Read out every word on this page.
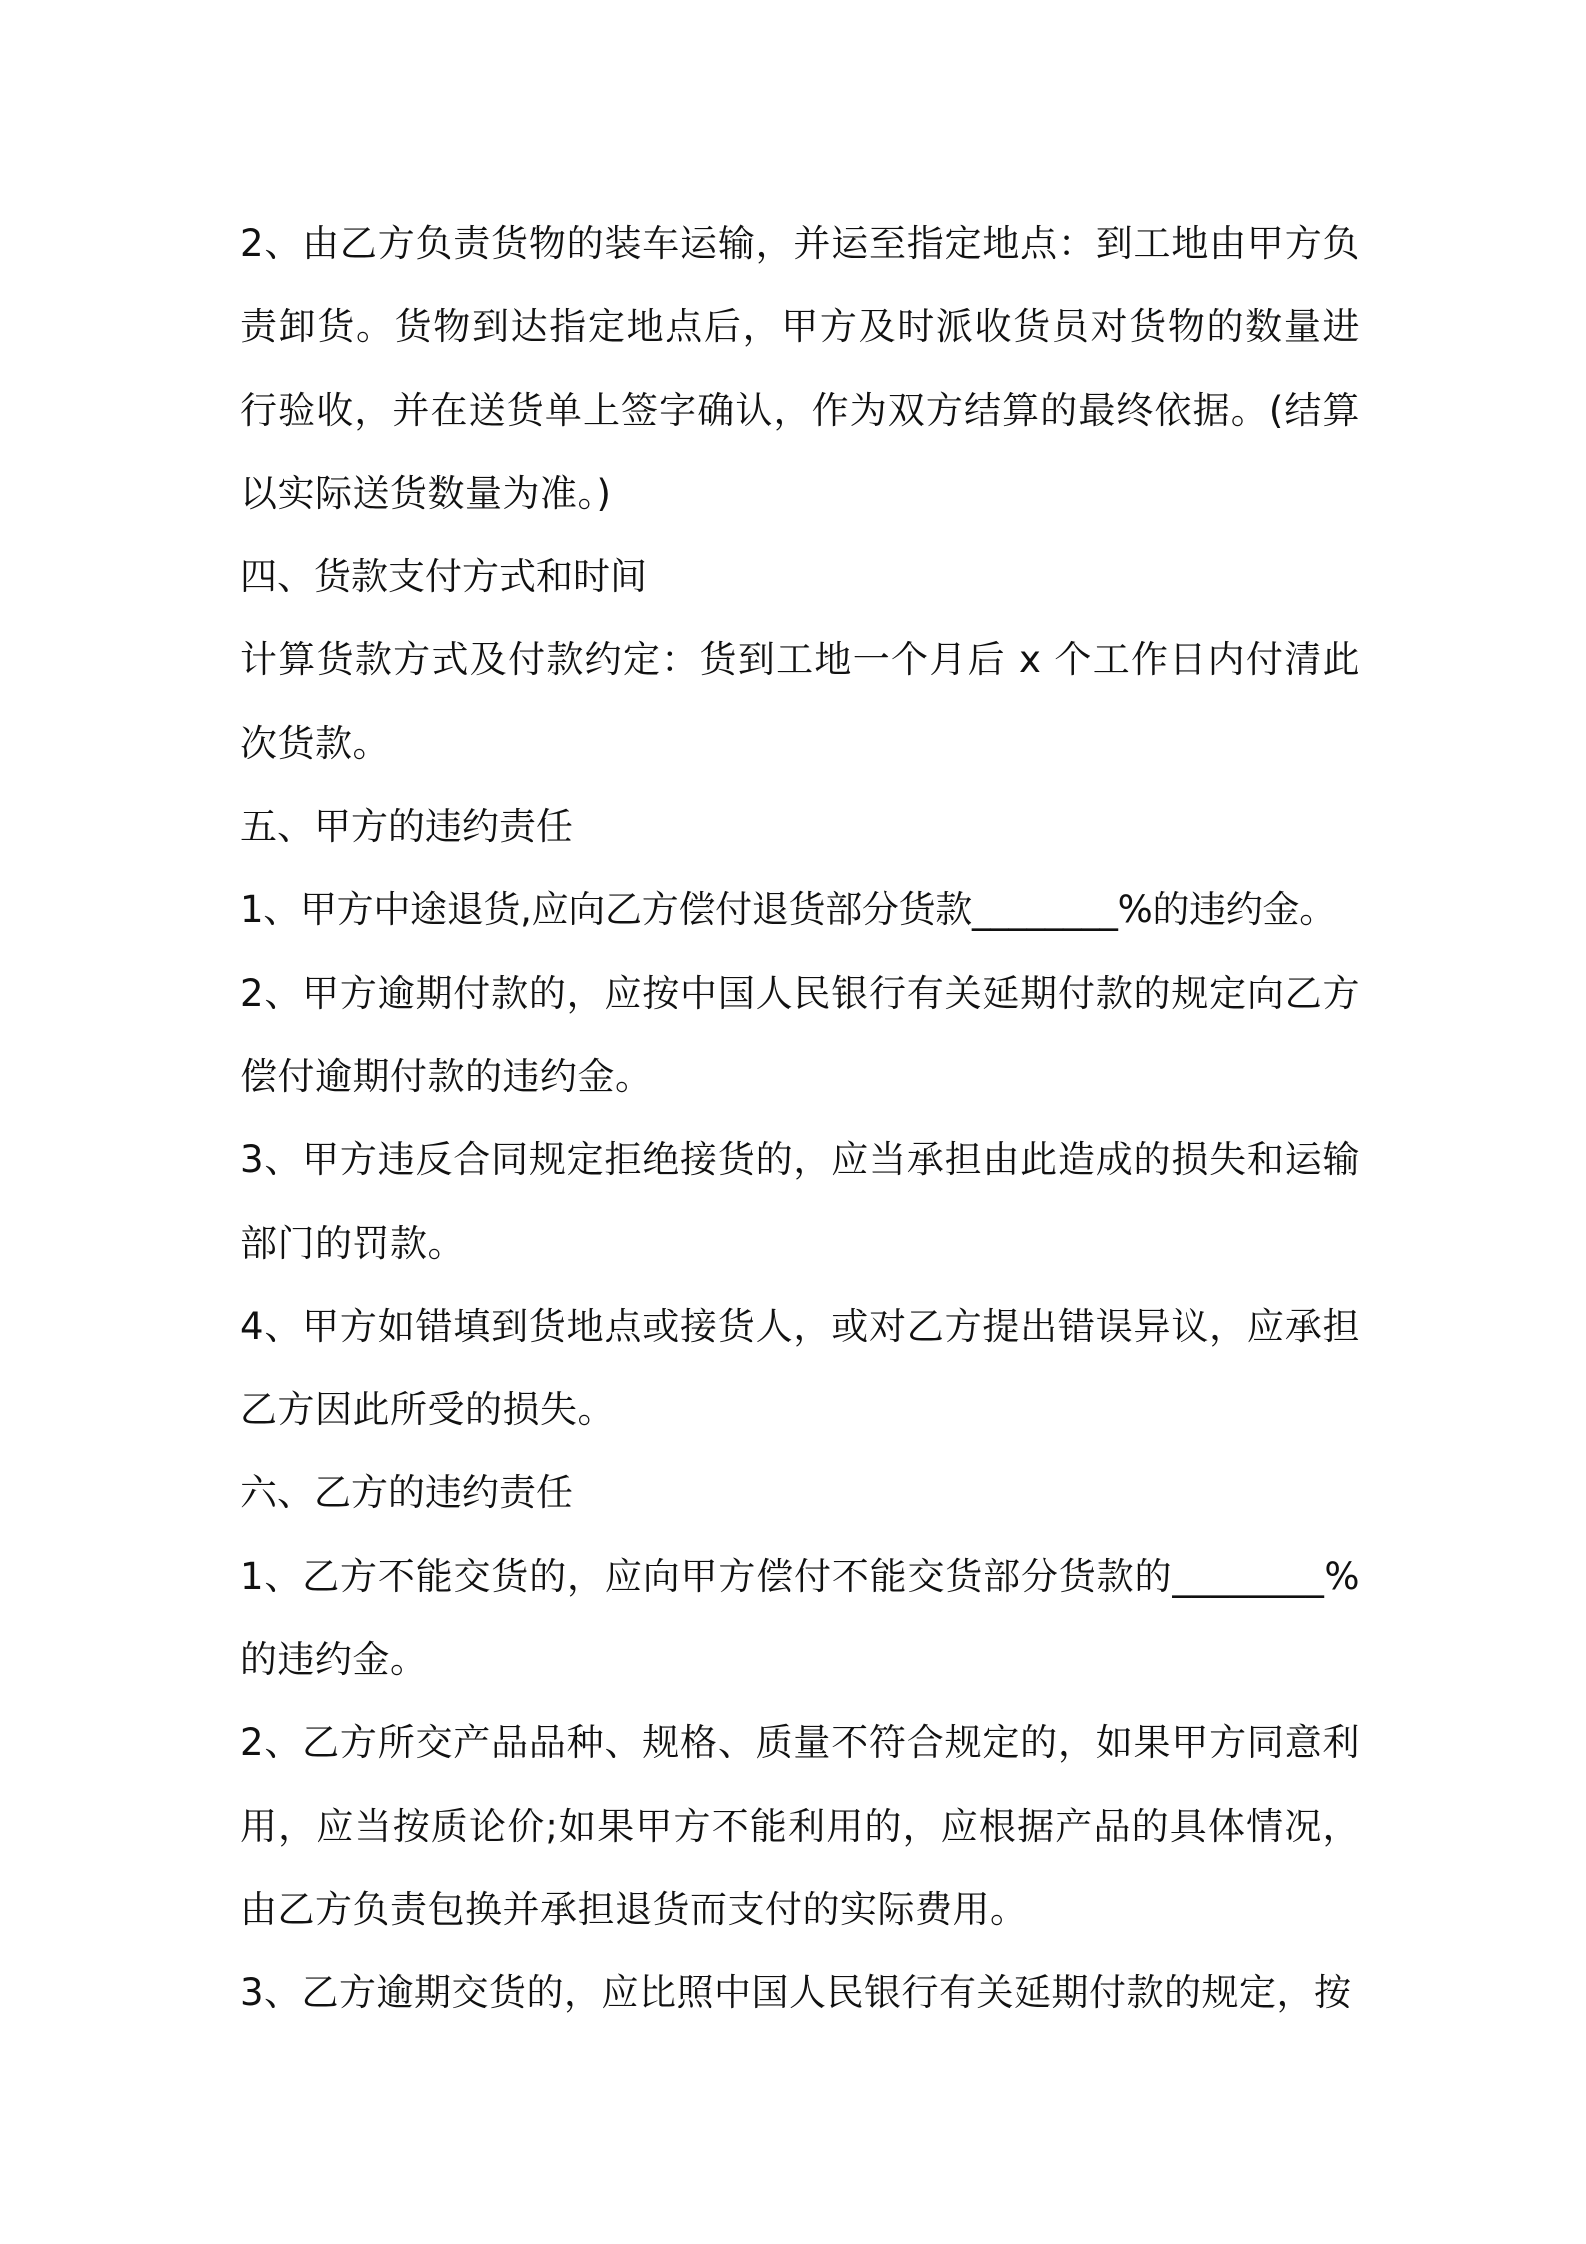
2、由乙方负责货物的装车运输，并运至指定地点：到工地由甲方负责卸货。货物到达指定地点后，甲方及时派收货员对货物的数量进行验收，并在送货单上签字确认，作为双方结算的最终依据。(结算以实际送货数量为准。)

四、货款支付方式和时间

计算货款方式及付款约定：货到工地一个月后 x 个工作日内付清此次货款。

五、甲方的违约责任

1、甲方中途退货,应向乙方偿付退货部分货款________%的违约金。

2、甲方逾期付款的，应按中国人民银行有关延期付款的规定向乙方偿付逾期付款的违约金。

3、甲方违反合同规定拒绝接货的，应当承担由此造成的损失和运输部门的罚款。

4、甲方如错填到货地点或接货人，或对乙方提出错误异议，应承担乙方因此所受的损失。

六、乙方的违约责任

1、乙方不能交货的，应向甲方偿付不能交货部分货款的________%的违约金。

2、乙方所交产品品种、规格、质量不符合规定的，如果甲方同意利用，应当按质论价;如果甲方不能利用的，应根据产品的具体情况，由乙方负责包换并承担退货而支付的实际费用。

3、乙方逾期交货的，应比照中国人民银行有关延期付款的规定，按
